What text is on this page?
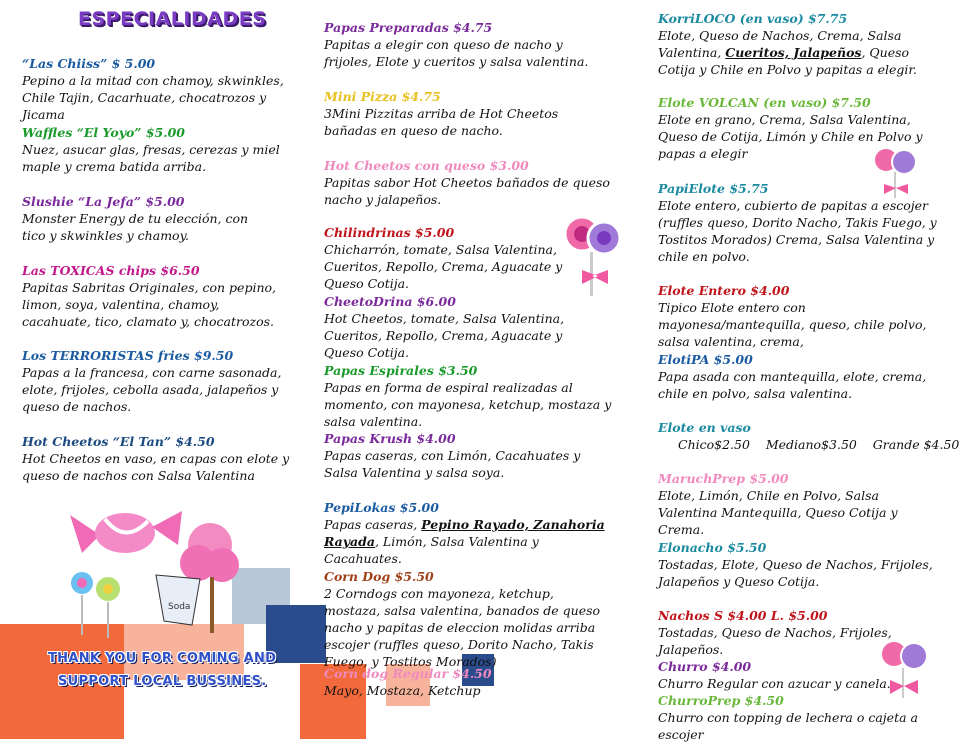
ESPECIALIDADES
Soda
“Las Chiiss” $ 5.00
Pepino a la mitad con chamoy, skwinkles, Chile Tajin, Cacarhuate, chocatrozos y Jicama
Waffles “El Yoyo” $5.00
Nuez, asucar glas, fresas, cerezas y miel maple y crema batida arriba.
Slushie “La Jefa” $5.00
Monster Energy de tu elección, con tico y skwinkles y chamoy.
Las TOXICAS chips $6.50
Papitas Sabritas Originales, con pepino, limon, soya, valentina, chamoy, cacahuate, tico, clamato y, chocatrozos.
Los TERRORISTAS fries $9.50
Papas a la francesa, con carne sasonada, elote, frijoles, cebolla asada, jalapeños y queso de nachos.
Hot Cheetos “El Tan” $4.50
Hot Cheetos en vaso, en capas con elote y queso de nachos con Salsa Valentina
Papas Preparadas $4.75
Papitas a elegir con queso de nacho y frijoles, Elote y cueritos y salsa valentina.
Mini Pizza $4.75
3Mini Pizzitas arriba de Hot Cheetos bañadas en queso de nacho.
Hot Cheetos con queso $3.00
Papitas sabor Hot Cheetos bañados de queso nacho y jalapeños.
Chilindrinas $5.00
Chicharrón, tomate, Salsa Valentina, Cueritos, Repollo, Crema, Aguacate y Queso Cotija.
CheetoDrina $6.00
Hot Cheetos, tomate, Salsa Valentina, Cueritos, Repollo, Crema, Aguacate y Queso Cotija.
Papas Espirales $3.50
Papas en forma de espiral realizadas al momento, con mayonesa, ketchup, mostaza y salsa valentina.
Papas Krush $4.00
Papas caseras, con Limón, Cacahuates y Salsa Valentina y salsa soya.
PepiLokas $5.00
Papas caseras, Pepino Rayado, Zanahoria Rayada, Limón, Salsa Valentina y Cacahuates.
Corn Dog $5.50
2 Corndogs con mayoneza, ketchup, mostaza, salsa valentina, banados de queso nacho y papitas de eleccion molidas arriba escojer (ruffles queso, Dorito Nacho, Takis Fuego, y Tostitos Morados)
Corn dog Regular $4.50
Mayo, Mostaza, Ketchup
KorriLOCO (en vaso) $7.75
Elote, Queso de Nachos, Crema, Salsa Valentina, Cueritos, Jalapeños, Queso Cotija y Chile en Polvo y papitas a elegir.
Elote VOLCAN (en vaso) $7.50
Elote en grano, Crema, Salsa Valentina, Queso de Cotija, Limón y Chile en Polvo y papas a elegir
PapiElote $5.75
Elote entero, cubierto de papitas a escojer (ruffles queso, Dorito Nacho, Takis Fuego, y Tostitos Morados) Crema, Salsa Valentina y chile en polvo.
Elote Entero $4.00
Tipico Elote entero con mayonesa/mantequilla, queso, chile polvo, salsa valentina, crema,
ElotiPA $5.00
Papa asada con mantequilla, elote, crema, chile en polvo, salsa valentina.
Elote en vaso
Chico$2.50 Mediano$3.50 Grande $4.50
MaruchPrep $5.00
Elote, Limón, Chile en Polvo, Salsa Valentina Mantequilla, Queso Cotija y Crema.
Elonacho $5.50
Tostadas, Elote, Queso de Nachos, Frijoles, Jalapeños y Queso Cotija.
Nachos S $4.00 L. $5.00
Tostadas, Queso de Nachos, Frijoles, Jalapeños.
Churro $4.00
Churro Regular con azucar y canela.
ChurroPrep $4.50
Churro con topping de lechera o cajeta a escojer
THANK YOU FOR COMING AND
SUPPORT LOCAL BUSSINES.
